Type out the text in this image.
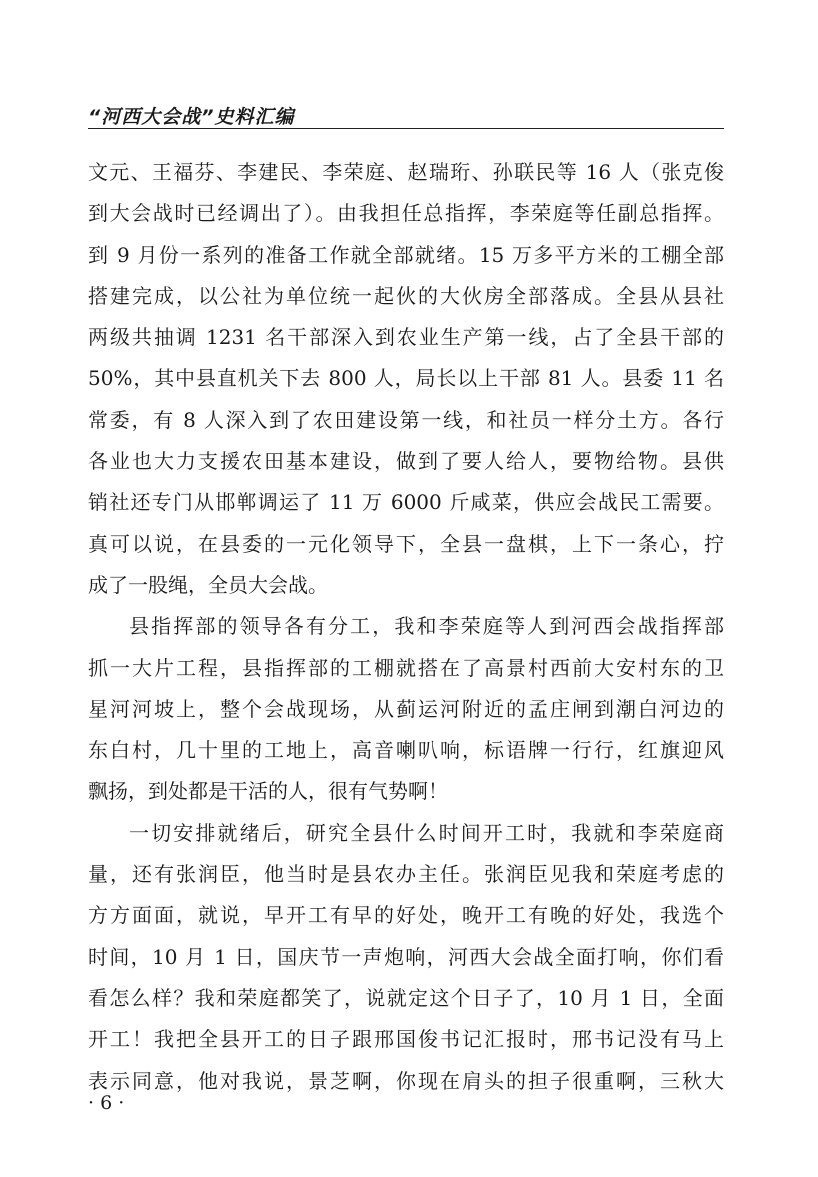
“河西大会战”史料汇编
文元、王福芬、李建民、李荣庭、赵瑞珩、孙联民等 16 人（张克俊
到大会战时已经调出了）。由我担任总指挥，李荣庭等任副总指挥。
到 9 月份一系列的准备工作就全部就绪。15 万多平方米的工棚全部
搭建完成，以公社为单位统一起伙的大伙房全部落成。全县从县社
两级共抽调 1231 名干部深入到农业生产第一线，占了全县干部的
50%，其中县直机关下去 800 人，局长以上干部 81 人。县委 11 名
常委，有 8 人深入到了农田建设第一线，和社员一样分土方。各行
各业也大力支援农田基本建设，做到了要人给人，要物给物。县供
销社还专门从邯郸调运了 11 万 6000 斤咸菜，供应会战民工需要。
真可以说，在县委的一元化领导下，全县一盘棋，上下一条心，拧
成了一股绳，全员大会战。
县指挥部的领导各有分工，我和李荣庭等人到河西会战指挥部
抓一大片工程，县指挥部的工棚就搭在了高景村西前大安村东的卫
星河河坡上，整个会战现场，从蓟运河附近的孟庄闸到潮白河边的
东白村，几十里的工地上，高音喇叭响，标语牌一行行，红旗迎风
飘扬，到处都是干活的人，很有气势啊！
一切安排就绪后，研究全县什么时间开工时，我就和李荣庭商
量，还有张润臣，他当时是县农办主任。张润臣见我和荣庭考虑的
方方面面，就说，早开工有早的好处，晚开工有晚的好处，我选个
时间，10 月 1 日，国庆节一声炮响，河西大会战全面打响，你们看
看怎么样？我和荣庭都笑了，说就定这个日子了，10 月 1 日，全面
开工！我把全县开工的日子跟邢国俊书记汇报时，邢书记没有马上
表示同意，他对我说，景芝啊，你现在肩头的担子很重啊，三秋大
· 6 ·
